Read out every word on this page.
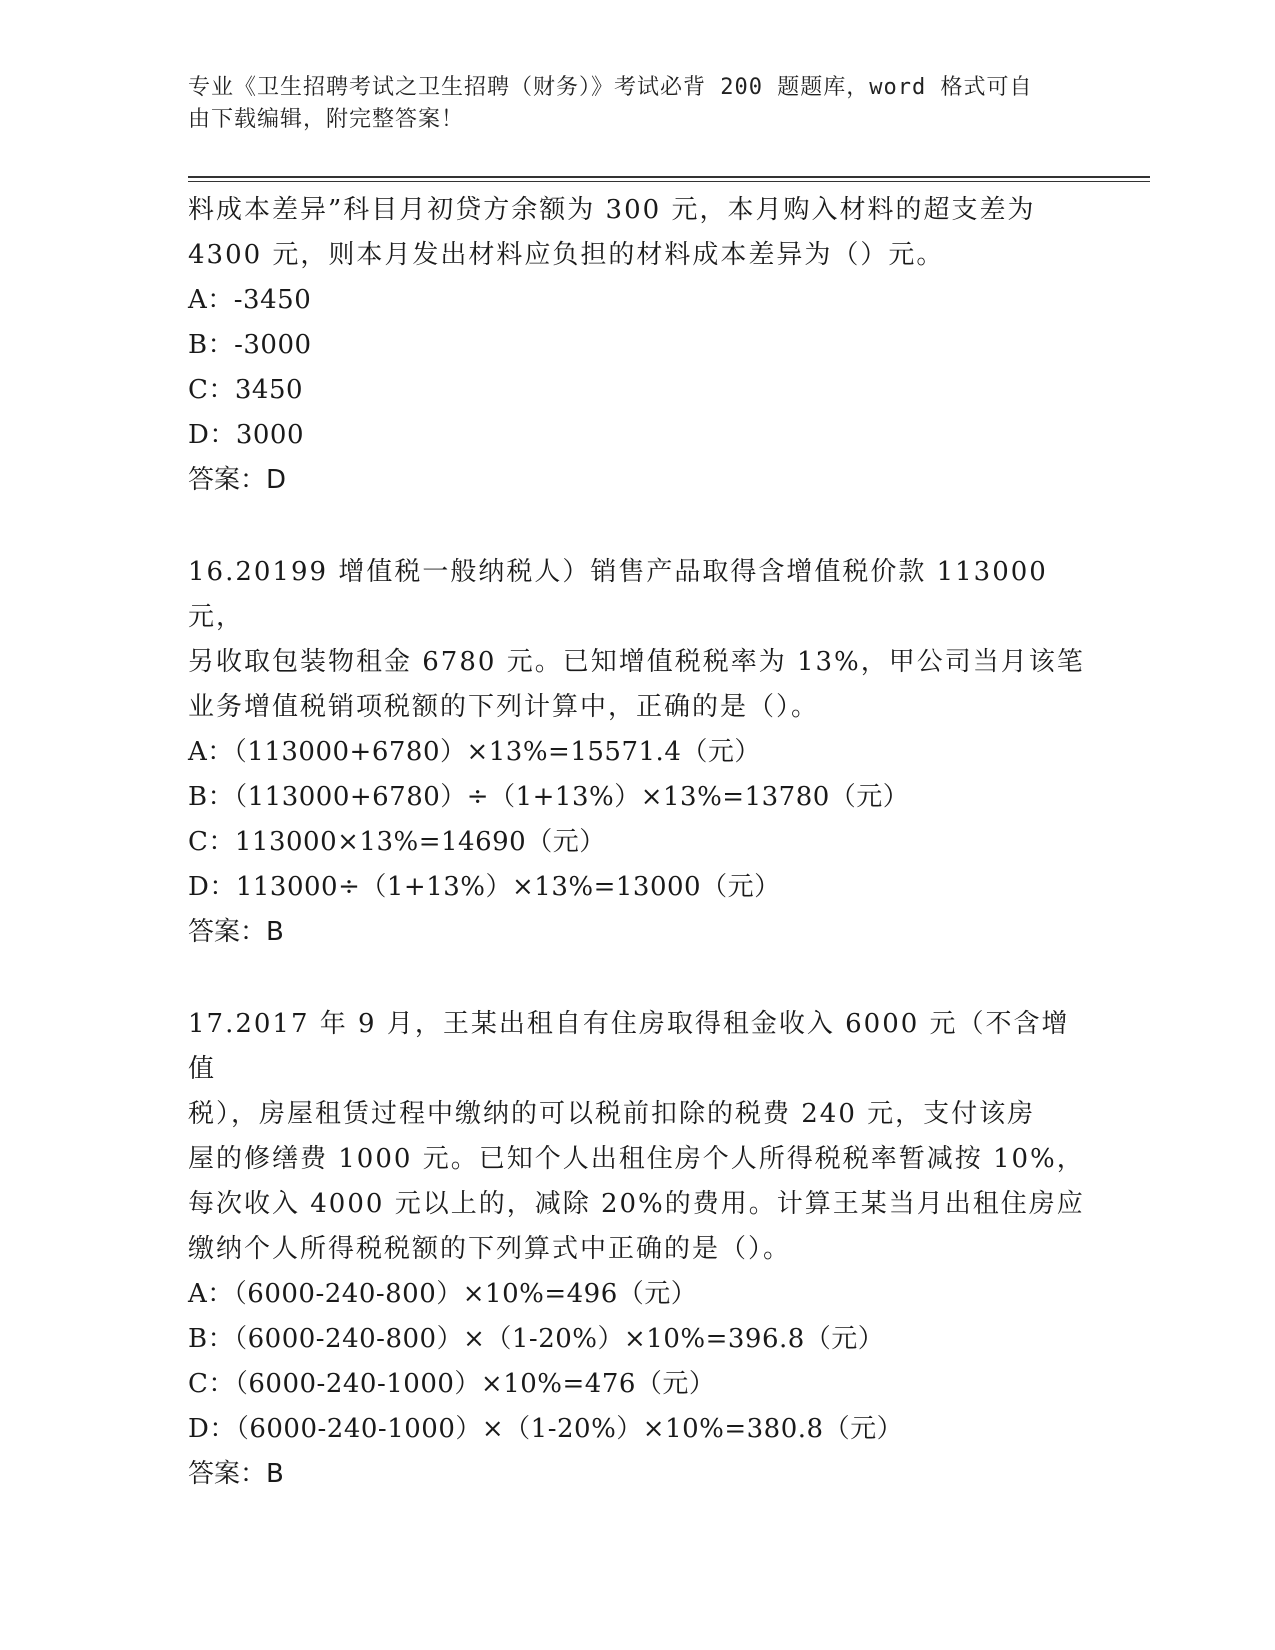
专业《卫生招聘考试之卫生招聘（财务）》考试必背 200 题题库，word 格式可自
由下载编辑，附完整答案！

料成本差异”科目月初贷方余额为 300 元，本月购入材料的超支差为

4300 元，则本月发出材料应负担的材料成本差异为（）元。

A：-3450

B：-3000

C：3450

D：3000

答案：D

16.20199 增值税一般纳税人）销售产品取得含增值税价款 113000 元，

另收取包装物租金 6780 元。已知增值税税率为 13%，甲公司当月该笔

业务增值税销项税额的下列计算中，正确的是（）。

A：（113000+6780）×13%=15571.4（元）

B：（113000+6780）÷（1+13%）×13%=13780（元）

C：113000×13%=14690（元）

D：113000÷（1+13%）×13%=13000（元）

答案：B

17.2017 年 9 月，王某出租自有住房取得租金收入 6000 元（不含增值

税），房屋租赁过程中缴纳的可以税前扣除的税费 240 元，支付该房

屋的修缮费 1000 元。已知个人出租住房个人所得税税率暂减按 10%，

每次收入 4000 元以上的，减除 20%的费用。计算王某当月出租住房应

缴纳个人所得税税额的下列算式中正确的是（）。

A：（6000-240-800）×10%=496（元）

B：（6000-240-800）×（1-20%）×10%=396.8（元）

C：（6000-240-1000）×10%=476（元）

D：（6000-240-1000）×（1-20%）×10%=380.8（元）

答案：B
